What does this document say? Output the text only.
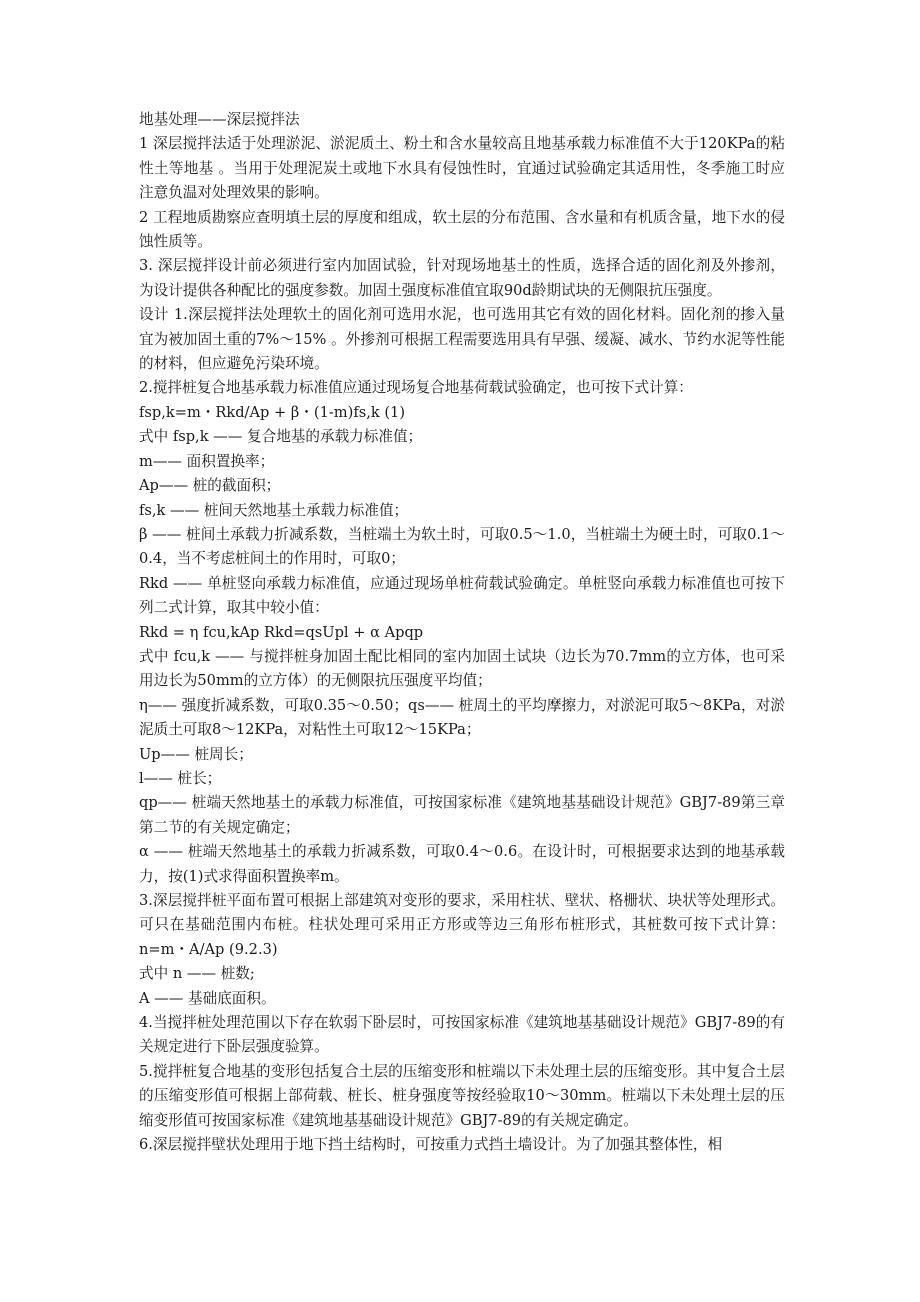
地基处理——深层搅拌法

1 深层搅拌法适于处理淤泥、淤泥质土、粉土和含水量较高且地基承载力标准值不大于120KPa的粘性土等地基 。当用于处理泥炭土或地下水具有侵蚀性时，宜通过试验确定其适用性，冬季施工时应注意负温对处理效果的影响。

2 工程地质勘察应查明填土层的厚度和组成，软土层的分布范围、含水量和有机质含量，地下水的侵蚀性质等。

3. 深层搅拌设计前必须进行室内加固试验，针对现场地基土的性质，选择合适的固化剂及外掺剂，为设计提供各种配比的强度参数。加固土强度标准值宜取90d龄期试块的无侧限抗压强度。

设计 1.深层搅拌法处理软土的固化剂可选用水泥，也可选用其它有效的固化材料。固化剂的掺入量宜为被加固土重的7%～15% 。外掺剂可根据工程需要选用具有早强、缓凝、减水、节约水泥等性能的材料，但应避免污染环境。

2.搅拌桩复合地基承载力标准值应通过现场复合地基荷载试验确定，也可按下式计算：

fsp,k=m・Rkd/Ap + β・(1-m)fs,k (1)

式中 fsp,k —— 复合地基的承载力标准值；

m—— 面积置换率；

Ap—— 桩的截面积；

fs,k —— 桩间天然地基土承载力标准值；

β —— 桩间土承载力折减系数，当桩端土为软土时，可取0.5～1.0，当桩端土为硬土时，可取0.1～0.4，当不考虑桩间土的作用时，可取0；

Rkd —— 单桩竖向承载力标准值，应通过现场单桩荷载试验确定。单桩竖向承载力标准值也可按下列二式计算，取其中较小值：

Rkd = η fcu,kAp Rkd=qsUpl + α Apqp

式中 fcu,k —— 与搅拌桩身加固土配比相同的室内加固土试块（边长为70.7mm的立方体，也可采用边长为50mm的立方体）的无侧限抗压强度平均值；

η—— 强度折减系数，可取0.35～0.50；qs—— 桩周土的平均摩擦力，对淤泥可取5～8KPa，对淤泥质土可取8～12KPa，对粘性土可取12～15KPa；

Up—— 桩周长；

l—— 桩长；

qp—— 桩端天然地基土的承载力标准值，可按国家标准《建筑地基基础设计规范》GBJ7-89第三章第二节的有关规定确定；

α —— 桩端天然地基土的承载力折减系数，可取0.4～0.6。在设计时，可根据要求达到的地基承载力，按(1)式求得面积置换率m。

3.深层搅拌桩平面布置可根据上部建筑对变形的要求，采用柱状、壁状、格栅状、块状等处理形式。可只在基础范围内布桩。柱状处理可采用正方形或等边三角形布桩形式，其桩数可按下式计算：n=m・A/Ap (9.2.3)

式中 n —— 桩数;

A —— 基础底面积。

4.当搅拌桩处理范围以下存在软弱下卧层时，可按国家标准《建筑地基基础设计规范》GBJ7-89的有关规定进行下卧层强度验算。

5.搅拌桩复合地基的变形包括复合土层的压缩变形和桩端以下未处理土层的压缩变形。其中复合土层的压缩变形值可根据上部荷载、桩长、桩身强度等按经验取10～30mm。桩端以下未处理土层的压缩变形值可按国家标准《建筑地基基础设计规范》GBJ7-89的有关规定确定。

6.深层搅拌壁状处理用于地下挡土结构时，可按重力式挡土墙设计。为了加强其整体性，相
